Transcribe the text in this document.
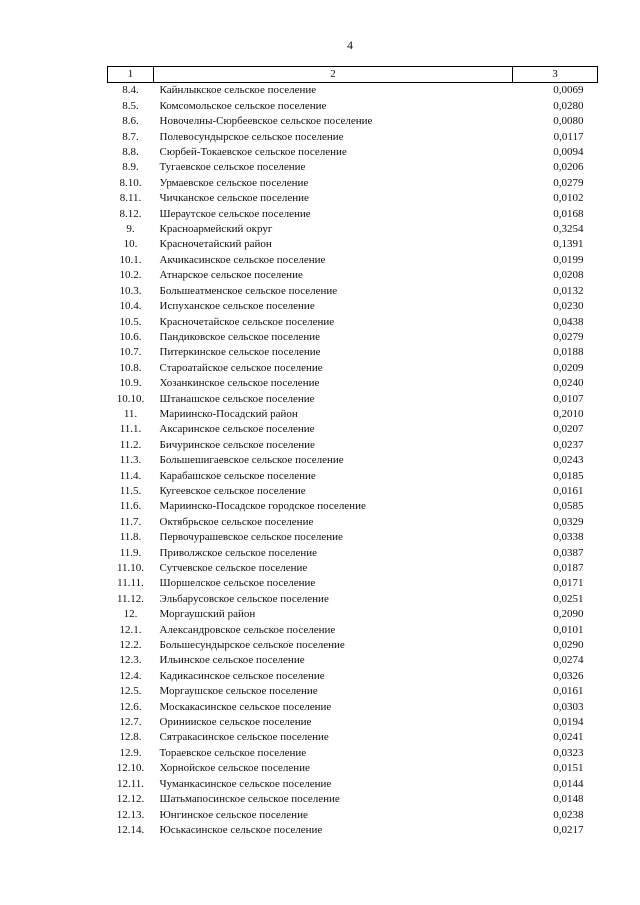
4
1	2	3
8.4.	Кайнлыкское сельское поселение	0,0069
8.5.	Комсомольское сельское поселение	0,0280
8.6.	Новочелны-Сюрбеевское сельское поселение	0,0080
8.7.	Полевосундырское сельское поселение	0,0117
8.8.	Сюрбей-Токаевское сельское поселение	0,0094
8.9.	Тугаевское сельское поселение	0,0206
8.10.	Урмаевское сельское поселение	0,0279
8.11.	Чичканское сельское поселение	0,0102
8.12.	Шераутское сельское поселение	0,0168
9.	Красноармейский округ	0,3254
10.	Красночетайский район	0,1391
10.1.	Акчикасинское сельское поселение	0,0199
10.2.	Атнарское сельское поселение	0,0208
10.3.	Большеатменское сельское поселение	0,0132
10.4.	Испуханское сельское поселение	0,0230
10.5.	Красночетайское сельское поселение	0,0438
10.6.	Пандиковское сельское поселение	0,0279
10.7.	Питеркинское сельское поселение	0,0188
10.8.	Староатайское сельское поселение	0,0209
10.9.	Хозанкинское сельское поселение	0,0240
10.10.	Штанашское сельское поселение	0,0107
11.	Мариинско-Посадский район	0,2010
11.1.	Аксаринское сельское поселение	0,0207
11.2.	Бичуринское сельское поселение	0,0237
11.3.	Большешигаевское сельское поселение	0,0243
11.4.	Карабашское сельское поселение	0,0185
11.5.	Кугеевское сельское поселение	0,0161
11.6.	Мариинско-Посадское городское поселение	0,0585
11.7.	Октябрьское сельское поселение	0,0329
11.8.	Первочурашевское сельское поселение	0,0338
11.9.	Приволжское сельское поселение	0,0387
11.10.	Сутчевское сельское поселение	0,0187
11.11.	Шоршелское сельское поселение	0,0171
11.12.	Эльбарусовское сельское поселение	0,0251
12.	Моргаушский район	0,2090
12.1.	Александровское сельское поселение	0,0101
12.2.	Большесундырское сельское поселение	0,0290
12.3.	Ильинское сельское поселение	0,0274
12.4.	Кадикасинское сельское поселение	0,0326
12.5.	Моргаушское сельское поселение	0,0161
12.6.	Москакасинское сельское поселение	0,0303
12.7.	Оринииское сельское поселение	0,0194
12.8.	Сятракасинское сельское поселение	0,0241
12.9.	Тораевское сельское поселение	0,0323
12.10.	Хорнойское сельское поселение	0,0151
12.11.	Чуманкасинское сельское поселение	0,0144
12.12.	Шатьмапосинское сельское поселение	0,0148
12.13.	Юнгинское сельское поселение	0,0238
12.14.	Юськасинское сельское поселение	0,0217
